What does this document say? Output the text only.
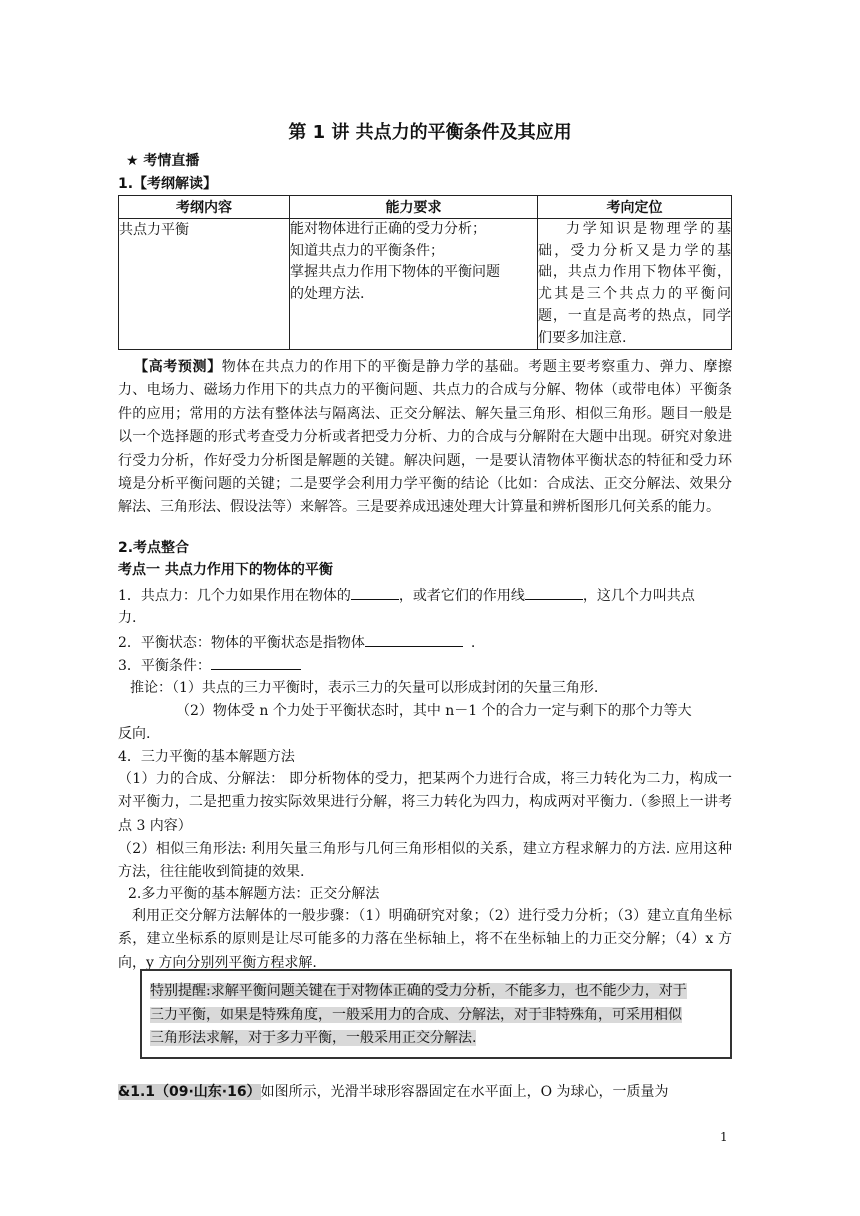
第 1 讲 共点力的平衡条件及其应用
★ 考情直播
1.【考纲解读】
考纲内容	能力要求	考向定位
共点力平衡	能对物体进行正确的受力分析；
知道共点力的平衡条件；
掌握共点力作用下物体的平衡问题
的处理方法.	力学知识是物理学的基础，受力分析又是力学的基础，共点力作用下物体平衡，尤其是三个共点力的平衡问题，一直是高考的热点，同学们要多加注意.
【高考预测】物体在共点力的作用下的平衡是静力学的基础。考题主要考察重力、弹力、摩擦力、电场力、磁场力作用下的共点力的平衡问题、共点力的合成与分解、物体（或带电体）平衡条件的应用；常用的方法有整体法与隔离法、正交分解法、解矢量三角形、相似三角形。题目一般是以一个选择题的形式考查受力分析或者把受力分析、力的合成与分解附在大题中出现。研究对象进行受力分析，作好受力分析图是解题的关键。解决问题，一是要认清物体平衡状态的特征和受力环境是分析平衡问题的关键；二是要学会利用力学平衡的结论（比如：合成法、正交分解法、效果分解法、三角形法、假设法等）来解答。三是要养成迅速处理大计算量和辨析图形几何关系的能力。
2.考点整合
考点一 共点力作用下的物体的平衡
1．共点力：几个力如果作用在物体的	，或者它们的作用线	，这几个力叫共点
力.
2．平衡状态：物体的平衡状态是指物体	.
3．平衡条件：
推论：（1）共点的三力平衡时，表示三力的矢量可以形成封闭的矢量三角形.
（2）物体受 n 个力处于平衡状态时，其中 n－1 个的合力一定与剩下的那个力等大
反向.
4．三力平衡的基本解题方法
（1）力的合成、分解法： 即分析物体的受力，把某两个力进行合成，将三力转化为二力，构成一对平衡力，二是把重力按实际效果进行分解，将三力转化为四力，构成两对平衡力.（参照上一讲考点 3 内容）
（2）相似三角形法: 利用矢量三角形与几何三角形相似的关系，建立方程求解力的方法. 应用这种方法，往往能收到简捷的效果.
2.多力平衡的基本解题方法：正交分解法
利用正交分解方法解体的一般步骤：（1）明确研究对象；（2）进行受力分析；（3）建立直角坐标系，建立坐标系的原则是让尽可能多的力落在坐标轴上，将不在坐标轴上的力正交分解；（4）x 方向，y 方向分别列平衡方程求解.
特别提醒:求解平衡问题关键在于对物体正确的受力分析，不能多力，也不能少力，对于
三力平衡，如果是特殊角度，一般采用力的合成、分解法，对于非特殊角，可采用相似
三角形法求解，对于多力平衡，一般采用正交分解法.
&1.1（09·山东·16）如图所示，光滑半球形容器固定在水平面上，O 为球心，一质量为
1
